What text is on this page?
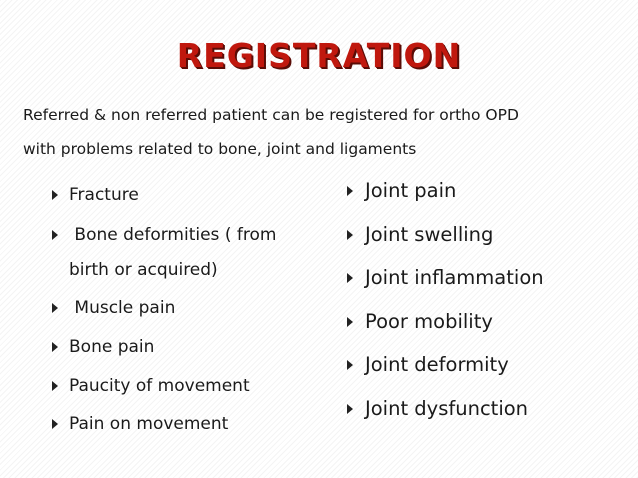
REGISTRATION

Referred & non referred patient can be registered for ortho OPD

with problems related to bone, joint and ligaments

Fracture
Bone deformities ( from
birth or acquired)
Muscle pain
Bone pain
Paucity of movement
Pain on movement
Joint pain
Joint swelling
Joint inflammation
Poor mobility
Joint deformity
Joint dysfunction
